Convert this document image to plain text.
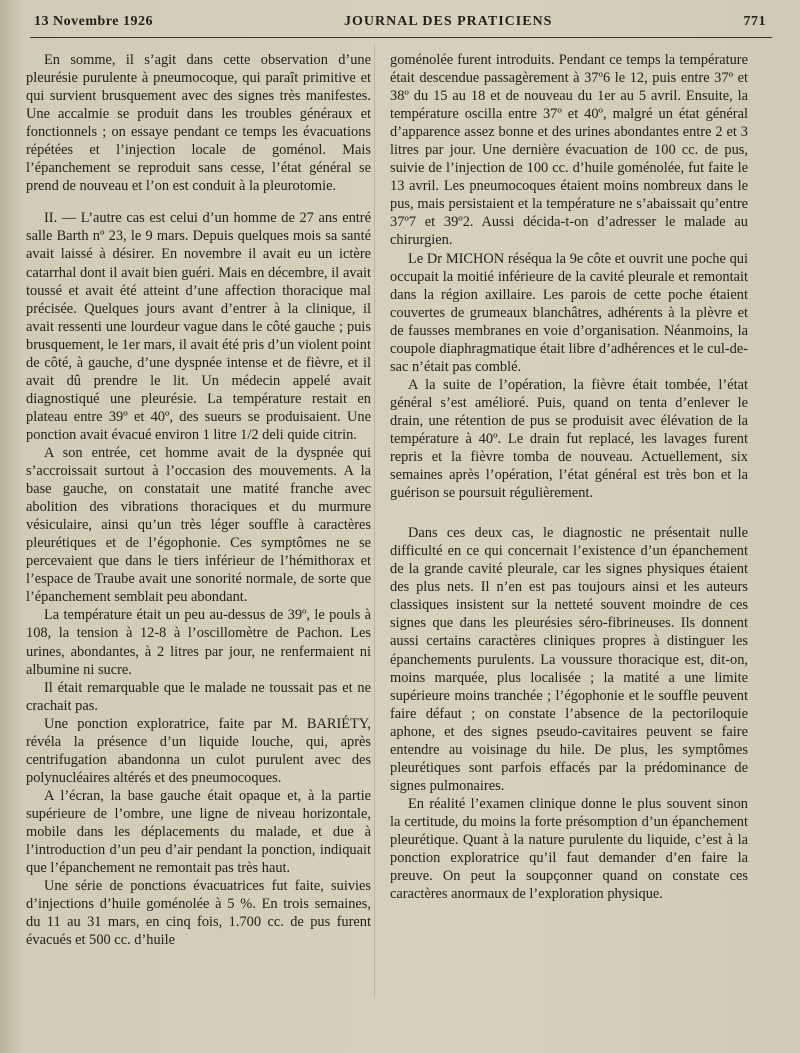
13 Novembre 1926	JOURNAL DES PRATICIENS	771

En somme, il s’agit dans cette observation d’une pleurésie purulente à pneumocoque, qui paraît primitive et qui survient brusquement avec des signes très manifestes. Une accalmie se produit dans les troubles généraux et fonctionnels ; on essaye pendant ce temps les évacuations répétées et l’injection locale de goménol. Mais l’épanchement se reproduit sans cesse, l’état général se prend de nouveau et l’on est conduit à la pleurotomie.

II. — L’autre cas est celui d’un homme de 27 ans entré salle Barth nº 23, le 9 mars. Depuis quelques mois sa santé avait laissé à désirer. En novembre il avait eu un ictère catarrhal dont il avait bien guéri. Mais en décembre, il avait toussé et avait été atteint d’une affection thoracique mal précisée. Quelques jours avant d’entrer à la clinique, il avait ressenti une lourdeur vague dans le côté gauche ; puis brusquement, le 1er mars, il avait été pris d’un violent point de côté, à gauche, d’une dyspnée intense et de fièvre, et il avait dû prendre le lit. Un médecin appelé avait diagnostiqué une pleurésie. La température restait en plateau entre 39º et 40º, des sueurs se produisaient. Une ponction avait évacué environ 1 litre 1/2 deli quide citrin.

A son entrée, cet homme avait de la dyspnée qui s’accroissait surtout à l’occasion des mouvements. A la base gauche, on constatait une matité franche avec abolition des vibrations thoraciques et du murmure vésiculaire, ainsi qu’un très léger souffle à caractères pleurétiques et de l’égophonie. Ces symptômes ne se percevaient que dans le tiers inférieur de l’hémithorax et l’espace de Traube avait une sonorité normale, de sorte que l’épanchement semblait peu abondant.

La température était un peu au-dessus de 39º, le pouls à 108, la tension à 12-8 à l’oscillomètre de Pachon. Les urines, abondantes, à 2 litres par jour, ne renfermaient ni albumine ni sucre.

Il était remarquable que le malade ne toussait pas et ne crachait pas.

Une ponction exploratrice, faite par M. BARIÉTY, révéla la présence d’un liquide louche, qui, après centrifugation abandonna un culot purulent avec des polynucléaires altérés et des pneumocoques.

A l’écran, la base gauche était opaque et, à la partie supérieure de l’ombre, une ligne de niveau horizontale, mobile dans les déplacements du malade, et due à l’introduction d’un peu d’air pendant la ponction, indiquait que l’épanchement ne remontait pas très haut.

Une série de ponctions évacuatrices fut faite, suivies d’injections d’huile goménolée à 5 %. En trois semaines, du 11 au 31 mars, en cinq fois, 1.700 cc. de pus furent évacués et 500 cc. d’huile

goménolée furent introduits. Pendant ce temps la température était descendue passagèrement à 37º6 le 12, puis entre 37º et 38º du 15 au 18 et de nouveau du 1er au 5 avril. Ensuite, la température oscilla entre 37º et 40º, malgré un état général d’apparence assez bonne et des urines abondantes entre 2 et 3 litres par jour. Une dernière évacuation de 100 cc. de pus, suivie de l’injection de 100 cc. d’huile goménolée, fut faite le 13 avril. Les pneumocoques étaient moins nombreux dans le pus, mais persistaient et la température ne s’abaissait qu’entre 37º7 et 39º2. Aussi décida-t-on d’adresser le malade au chirurgien.

Le Dr MICHON réséqua la 9e côte et ouvrit une poche qui occupait la moitié inférieure de la cavité pleurale et remontait dans la région axillaire. Les parois de cette poche étaient couvertes de grumeaux blanchâtres, adhérents à la plèvre et de fausses membranes en voie d’organisation. Néanmoins, la coupole diaphragmatique était libre d’adhérences et le cul-de-sac n’était pas comblé.

A la suite de l’opération, la fièvre était tombée, l’état général s’est amélioré. Puis, quand on tenta d’enlever le drain, une rétention de pus se produisit avec élévation de la température à 40º. Le drain fut replacé, les lavages furent repris et la fièvre tomba de nouveau. Actuellement, six semaines après l’opération, l’état général est très bon et la guérison se poursuit régulièrement.

Dans ces deux cas, le diagnostic ne présentait nulle difficulté en ce qui concernait l’existence d’un épanchement de la grande cavité pleurale, car les signes physiques étaient des plus nets. Il n’en est pas toujours ainsi et les auteurs classiques insistent sur la netteté souvent moindre de ces signes que dans les pleurésies séro-fibrineuses. Ils donnent aussi certains caractères cliniques propres à distinguer les épanchements purulents. La voussure thoracique est, dit-on, moins marquée, plus localisée ; la matité a une limite supérieure moins tranchée ; l’égophonie et le souffle peuvent faire défaut ; on constate l’absence de la pectoriloquie aphone, et des signes pseudo-cavitaires peuvent se faire entendre au voisinage du hile. De plus, les symptômes pleurétiques sont parfois effacés par la prédominance de signes pulmonaires.

En réalité l’examen clinique donne le plus souvent sinon la certitude, du moins la forte présomption d’un épanchement pleurétique. Quant à la nature purulente du liquide, c’est à la ponction exploratrice qu’il faut demander d’en faire la preuve. On peut la soupçonner quand on constate ces caractères anormaux de l’exploration physique.
